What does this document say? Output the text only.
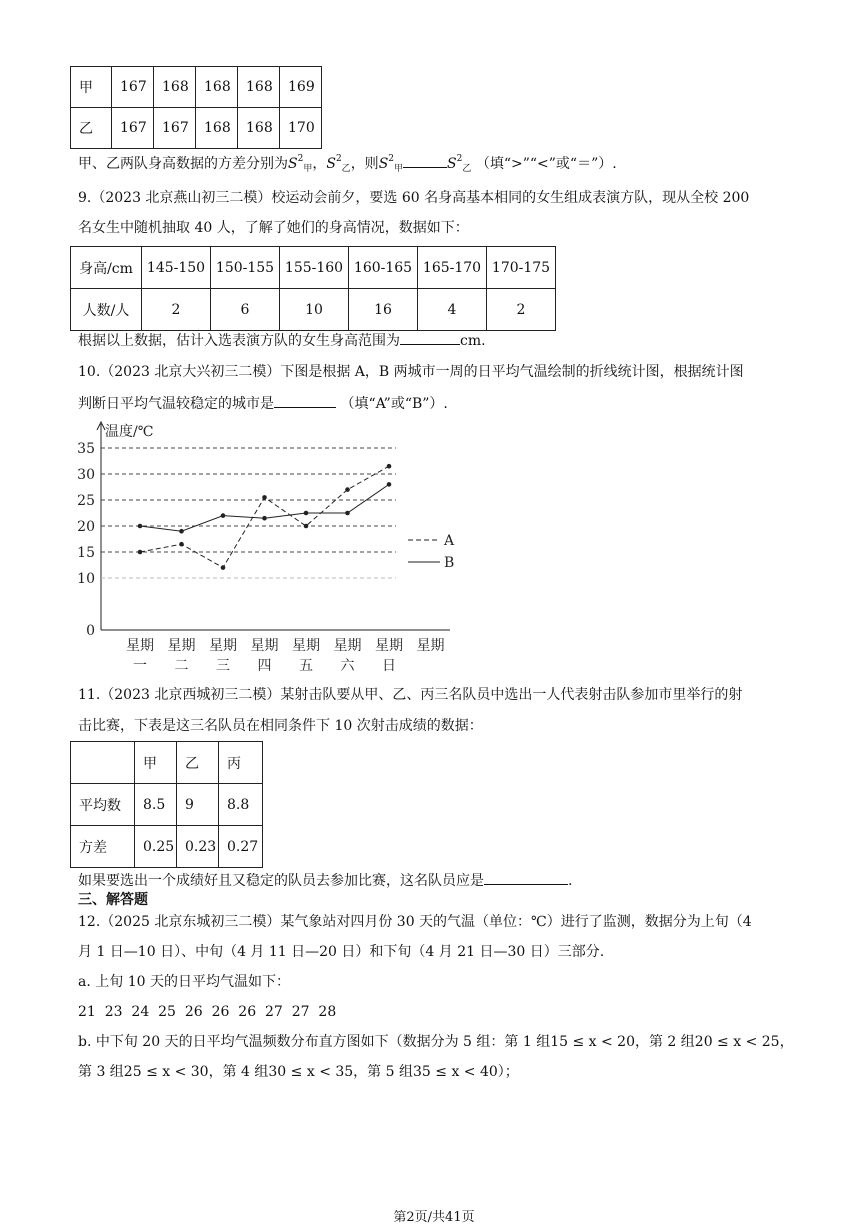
甲	167	168	168	168	169
乙	167	167	168	168	170
甲、乙两队身高数据的方差分别为$S^2_甲$，$S^2_乙$，则$S^2_甲$	$S^2_乙$ （填“>”“<”或“＝”）.
9.（2023 北京燕山初三二模）校运动会前夕，要选 60 名身高基本相同的女生组成表演方队，现从全校 200
名女生中随机抽取 40 人，了解了她们的身高情况，数据如下：
身高/cm	145-150	150-155	155-160	160-165	165-170	170-175
人数/人	2	6	10	16	4	2
根据以上数据，估计入选表演方队的女生身高范围为	cm.
10.（2023 北京大兴初三二模）下图是根据 A，B 两城市一周的日平均气温绘制的折线统计图，根据统计图
判断日平均气温较稳定的城市是	（填“A”或“B”）.
温度/℃
0
10
15
20
25
30
35
星期
一
星期
二
星期
三
星期
四
星期
五
星期
六
星期
日
星期
A
B
11.（2023 北京西城初三二模）某射击队要从甲、乙、丙三名队员中选出一人代表射击队参加市里举行的射
击比赛，下表是这三名队员在相同条件下 10 次射击成绩的数据：
	甲	乙	丙
平均数	8.5	9	8.8
方差	0.25	0.23	0.27
如果要选出一个成绩好且又稳定的队员去参加比赛，这名队员应是	.
三、解答题
12.（2025 北京东城初三二模）某气象站对四月份 30 天的气温（单位：℃）进行了监测，数据分为上旬（4
月 1 日—10 日）、中旬（4 月 11 日—20 日）和下旬（4 月 21 日—30 日）三部分.
a. 上旬 10 天的日平均气温如下：
21  23  24  25  26  26  26  27  27  28
b. 中下旬 20 天的日平均气温频数分布直方图如下（数据分为 5 组：第 1 组15 ≤ x < 20，第 2 组20 ≤ x < 25，
第 3 组25 ≤ x < 30，第 4 组30 ≤ x < 35，第 5 组35 ≤ x < 40）；
第2页/共41页
